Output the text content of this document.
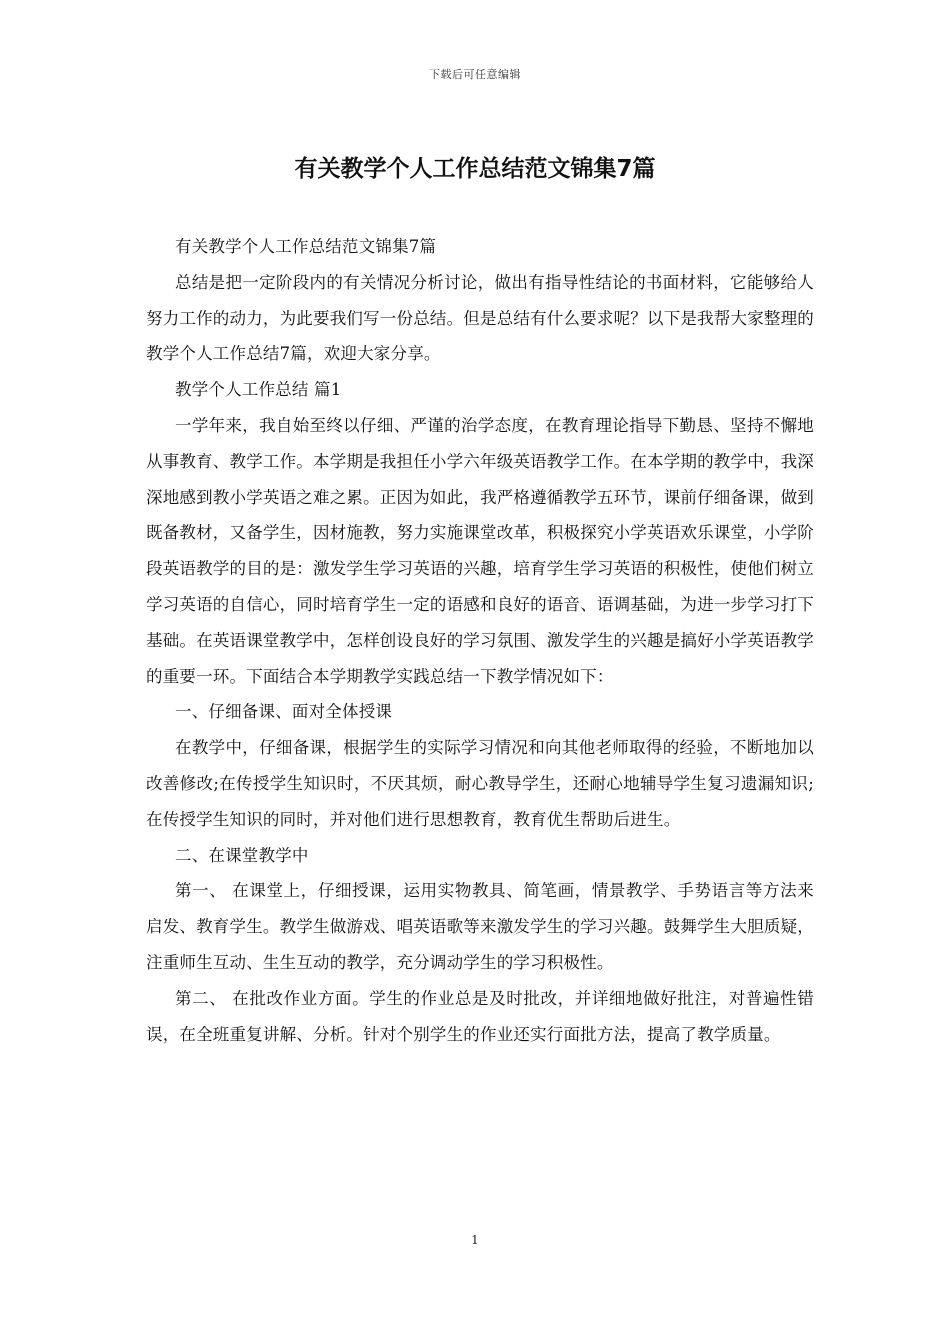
下载后可任意编辑
有关教学个人工作总结范文锦集7篇

有关教学个人工作总结范文锦集7篇

总结是把一定阶段内的有关情况分析讨论，做出有指导性结论的书面材料，它能够给人努力工作的动力，为此要我们写一份总结。但是总结有什么要求呢？以下是我帮大家整理的教学个人工作总结7篇，欢迎大家分享。

教学个人工作总结 篇1

一学年来，我自始至终以仔细、严谨的治学态度，在教育理论指导下勤恳、坚持不懈地从事教育、教学工作。本学期是我担任小学六年级英语教学工作。在本学期的教学中，我深深地感到教小学英语之难之累。正因为如此，我严格遵循教学五环节，课前仔细备课，做到既备教材，又备学生，因材施教，努力实施课堂改革，积极探究小学英语欢乐课堂，小学阶段英语教学的目的是：激发学生学习英语的兴趣，培育学生学习英语的积极性，使他们树立学习英语的自信心，同时培育学生一定的语感和良好的语音、语调基础，为进一步学习打下基础。在英语课堂教学中，怎样创设良好的学习氛围、激发学生的兴趣是搞好小学英语教学的重要一环。下面结合本学期教学实践总结一下教学情况如下：

一、仔细备课、面对全体授课

在教学中，仔细备课，根据学生的实际学习情况和向其他老师取得的经验，不断地加以改善修改;在传授学生知识时，不厌其烦，耐心教导学生，还耐心地辅导学生复习遗漏知识;在传授学生知识的同时，并对他们进行思想教育，教育优生帮助后进生。

二、在课堂教学中

第一、 在课堂上，仔细授课，运用实物教具、简笔画，情景教学、手势语言等方法来启发、教育学生。教学生做游戏、唱英语歌等来激发学生的学习兴趣。鼓舞学生大胆质疑，注重师生互动、生生互动的教学，充分调动学生的学习积极性。

第二、 在批改作业方面。学生的作业总是及时批改，并详细地做好批注，对普遍性错误，在全班重复讲解、分析。针对个别学生的作业还实行面批方法，提高了教学质量。

1
